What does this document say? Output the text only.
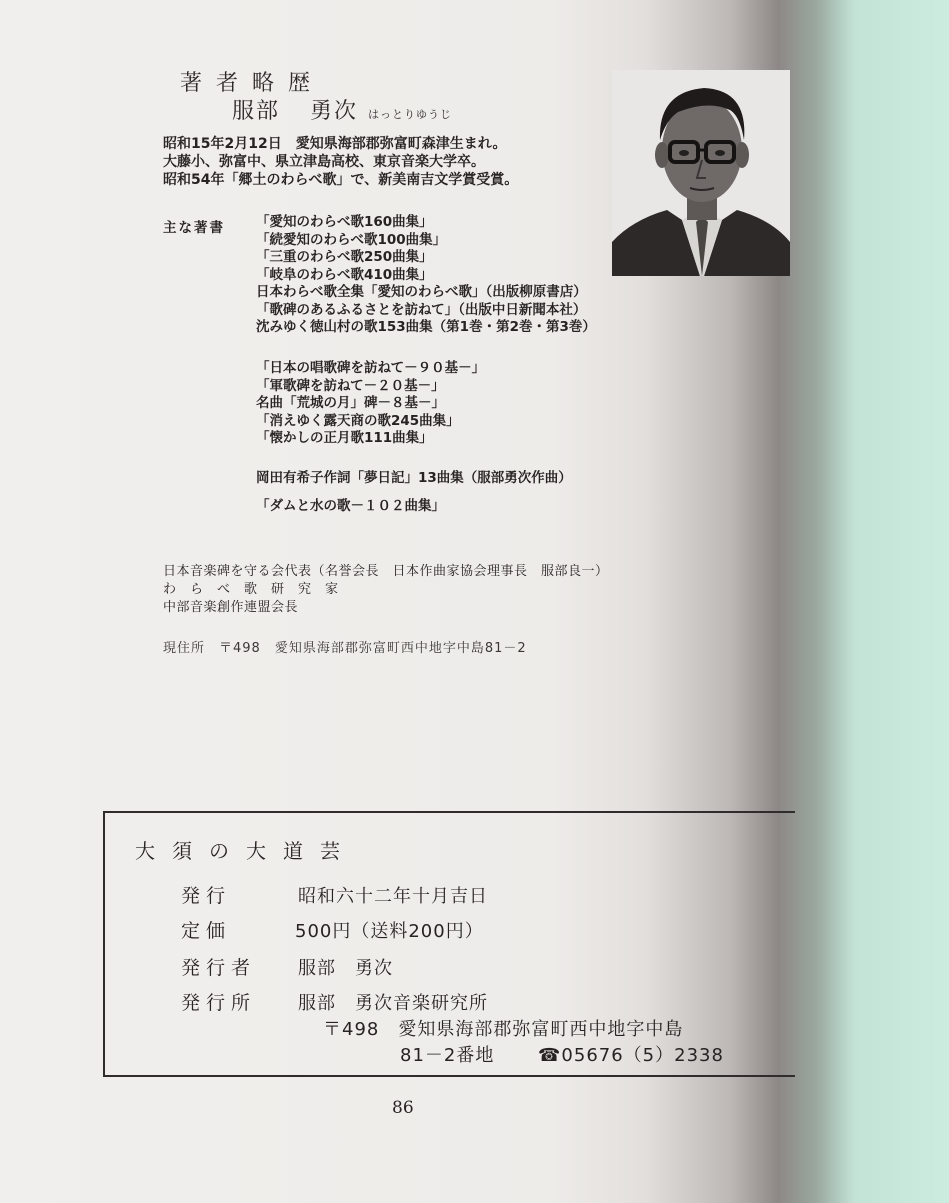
著者略歴
服部 勇次 はっとりゆうじ
昭和15年2月12日　愛知県海部郡弥富町森津生まれ。
大藤小、弥富中、県立津島高校、東京音楽大学卒。
昭和54年「郷土のわらべ歌」で、新美南吉文学賞受賞。
主な著書 「愛知のわらべ歌160曲集」
「続愛知のわらべ歌100曲集」
「三重のわらべ歌250曲集」
「岐阜のわらべ歌410曲集」
日本わらべ歌全集「愛知のわらべ歌」（出版柳原書店）
「歌碑のあるふるさとを訪ねて」（出版中日新聞本社）
沈みゆく徳山村の歌153曲集（第1巻・第2巻・第3巻）
「日本の唱歌碑を訪ねて－９０基－」
「軍歌碑を訪ねて－２０基－」
名曲「荒城の月」碑－８基－」
「消えゆく露天商の歌245曲集」
「懐かしの正月歌111曲集」
岡田有希子作詞「夢日記」13曲集（服部勇次作曲）
「ダムと水の歌－１０２曲集」
日本音楽碑を守る会代表（名誉会長　日本作曲家協会理事長　服部良一）
わ　ら　べ　歌　研　究　家
中部音楽創作連盟会長
現住所　〒498　愛知県海部郡弥富町西中地字中島81－2
大須の大道芸
発行	昭和六十二年十月吉日
定価	500円（送料200円）
発行者 服部　勇次
発行所 服部　勇次音楽研究所
〒498　愛知県海部郡弥富町西中地字中島
81－2番地 ☎05676（5）2338
86
